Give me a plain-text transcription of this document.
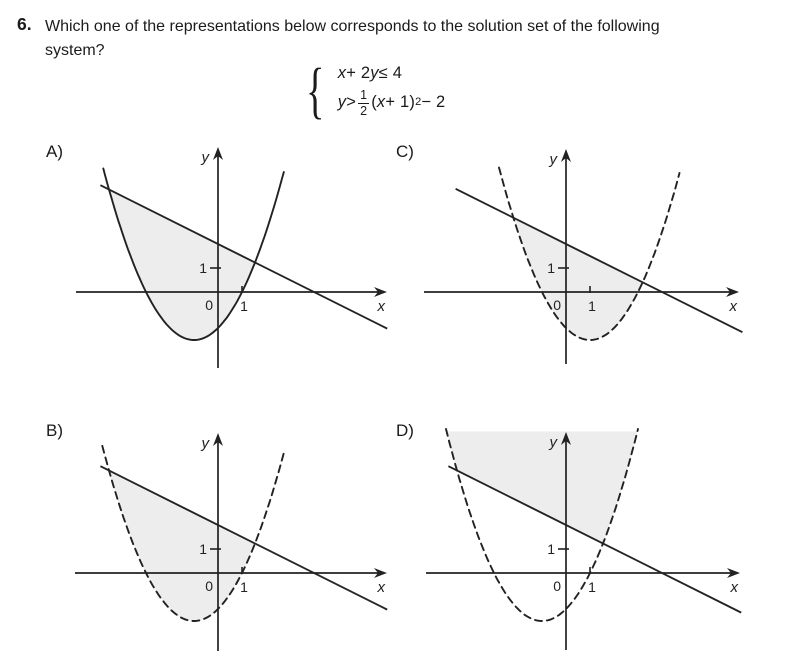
6. Which one of the representations below corresponds to the solution set of the following
system?
{ x + 2 y ≤ 4
$y > \frac{1}{2}$ ( x + 1) 2 − 2
A)
B)
C)
D)
x
y
0 1
1
x
y
0 1
1
x
y
0 1
1
x
y
0 1
1
